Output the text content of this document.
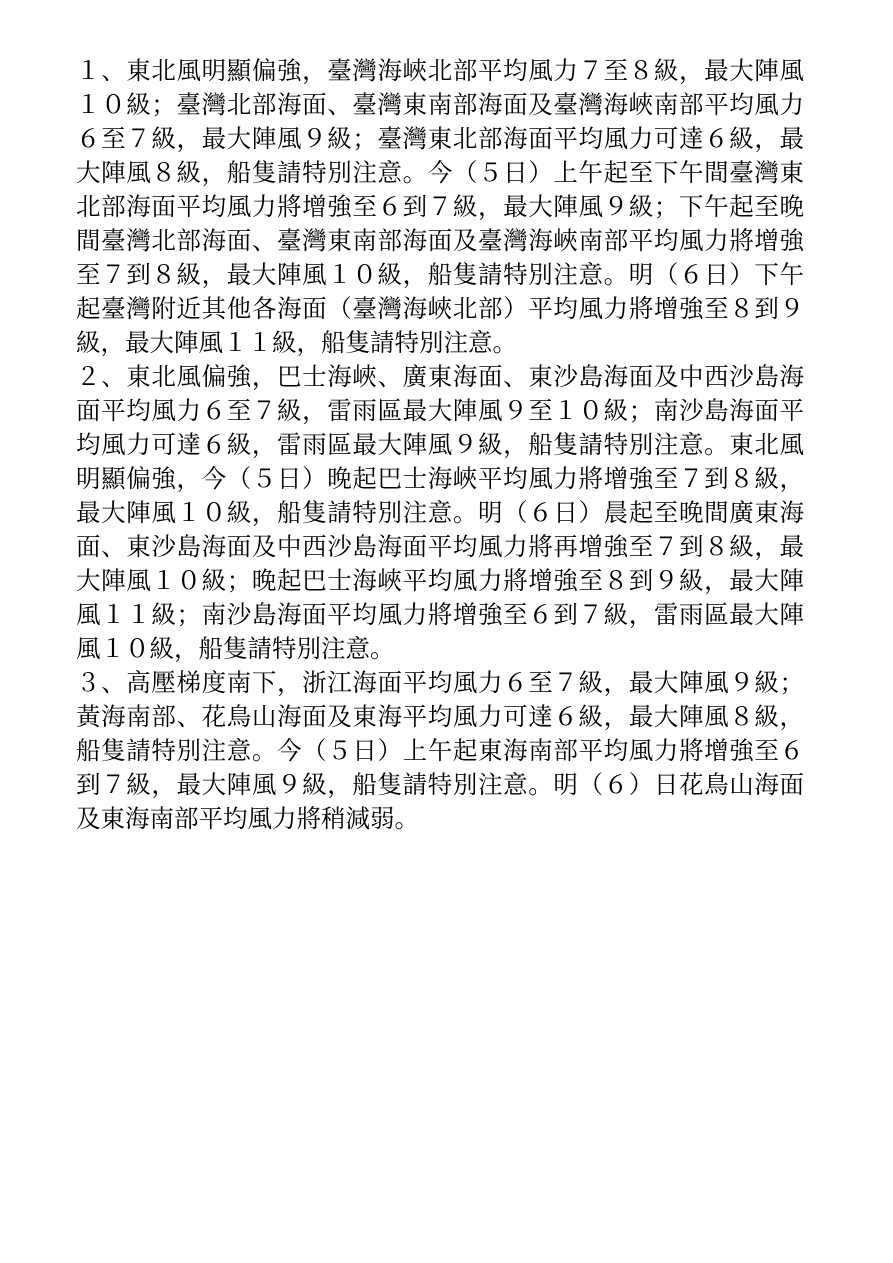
１、東北風明顯偏強，臺灣海峽北部平均風力７至８級，最大陣風１０級；臺灣北部海面、臺灣東南部海面及臺灣海峽南部平均風力６至７級，最大陣風９級；臺灣東北部海面平均風力可達６級，最大陣風８級，船隻請特別注意。今（５日）上午起至下午間臺灣東北部海面平均風力將增強至６到７級，最大陣風９級；下午起至晚間臺灣北部海面、臺灣東南部海面及臺灣海峽南部平均風力將增強至７到８級，最大陣風１０級，船隻請特別注意。明（６日）下午起臺灣附近其他各海面（臺灣海峽北部）平均風力將增強至８到９級，最大陣風１１級，船隻請特別注意。

２、東北風偏強，巴士海峽、廣東海面、東沙島海面及中西沙島海面平均風力６至７級，雷雨區最大陣風９至１０級；南沙島海面平均風力可達６級，雷雨區最大陣風９級，船隻請特別注意。東北風明顯偏強，今（５日）晚起巴士海峽平均風力將增強至７到８級，最大陣風１０級，船隻請特別注意。明（６日）晨起至晚間廣東海面、東沙島海面及中西沙島海面平均風力將再增強至７到８級，最大陣風１０級；晚起巴士海峽平均風力將增強至８到９級，最大陣風１１級；南沙島海面平均風力將增強至６到７級，雷雨區最大陣風１０級，船隻請特別注意。

３、高壓梯度南下，浙江海面平均風力６至７級，最大陣風９級；黃海南部、花鳥山海面及東海平均風力可達６級，最大陣風８級，船隻請特別注意。今（５日）上午起東海南部平均風力將增強至６到７級，最大陣風９級，船隻請特別注意。明（６）日花鳥山海面及東海南部平均風力將稍減弱。
